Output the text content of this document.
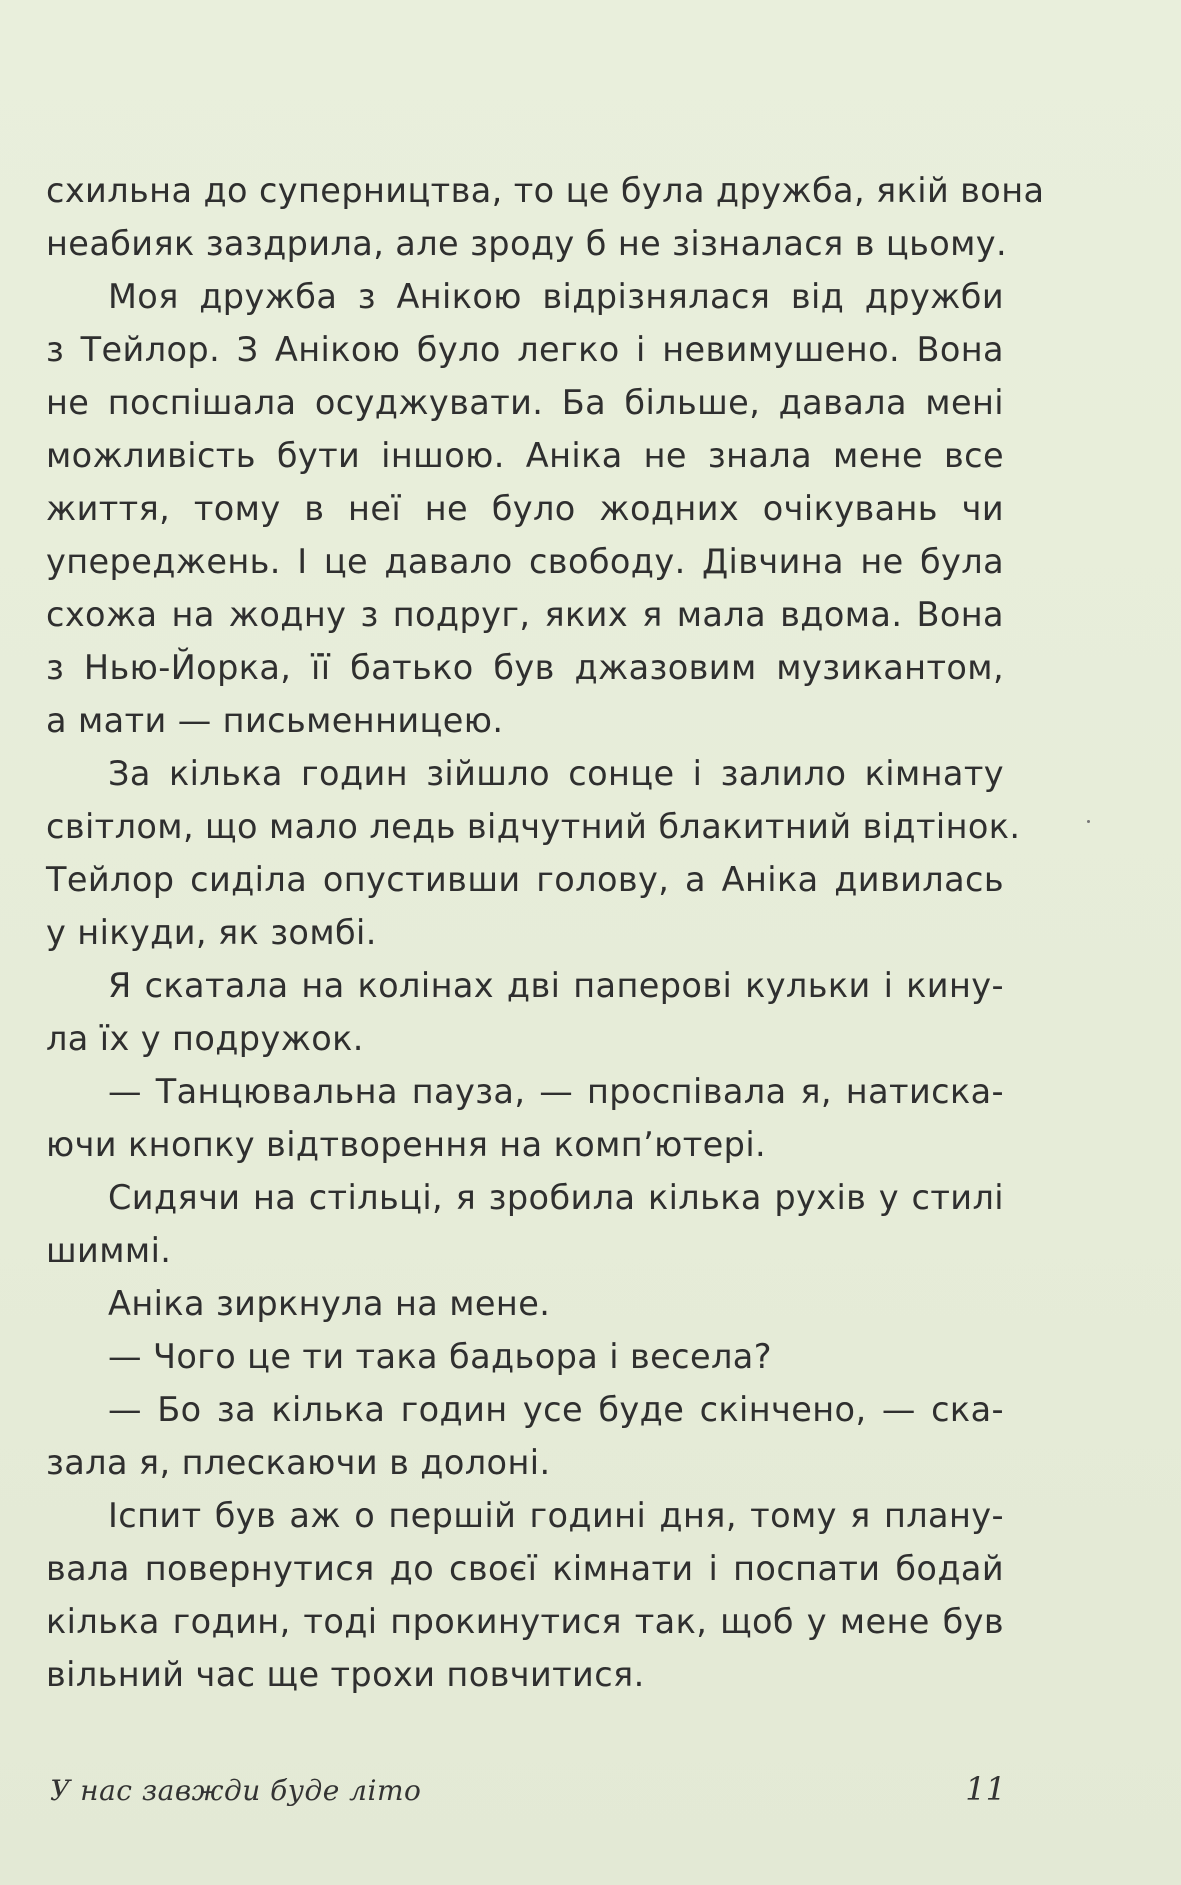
схильна до суперництва, то це була дружба, якій вона
неабияк заздрила, але зроду б не зізналася в цьому.
Моя дружба з Анікою відрізнялася від дружби
з Тейлор. З Анікою було легко і невимушено. Вона
не поспішала осуджувати. Ба більше, давала мені
можливість бути іншою. Аніка не знала мене все
життя, тому в неї не було жодних очікувань чи
упереджень. І це давало свободу. Дівчина не була
схожа на жодну з подруг, яких я мала вдома. Вона
з Нью-Йорка, її батько був джазовим музикантом,
а мати — письменницею.
За кілька годин зійшло сонце і залило кімнату
світлом, що мало ледь відчутний блакитний відтінок.
Тейлор сиділа опустивши голову, а Аніка дивилась
у нікуди, як зомбі.
Я скатала на колінах дві паперові кульки і кину-
ла їх у подружок.
— Танцювальна пауза, — проспівала я, натиска-
ючи кнопку відтворення на комп’ютері.
Сидячи на стільці, я зробила кілька рухів у стилі
шиммі.
Аніка зиркнула на мене.
— Чого це ти така бадьора і весела?
— Бо за кілька годин усе буде скінчено, — ска-
зала я, плескаючи в долоні.
Іспит був аж о першій годині дня, тому я плану-
вала повернутися до своєї кімнати і поспати бодай
кілька годин, тоді прокинутися так, щоб у мене був
вільний час ще трохи повчитися.
У нас завжди буде літо	11
